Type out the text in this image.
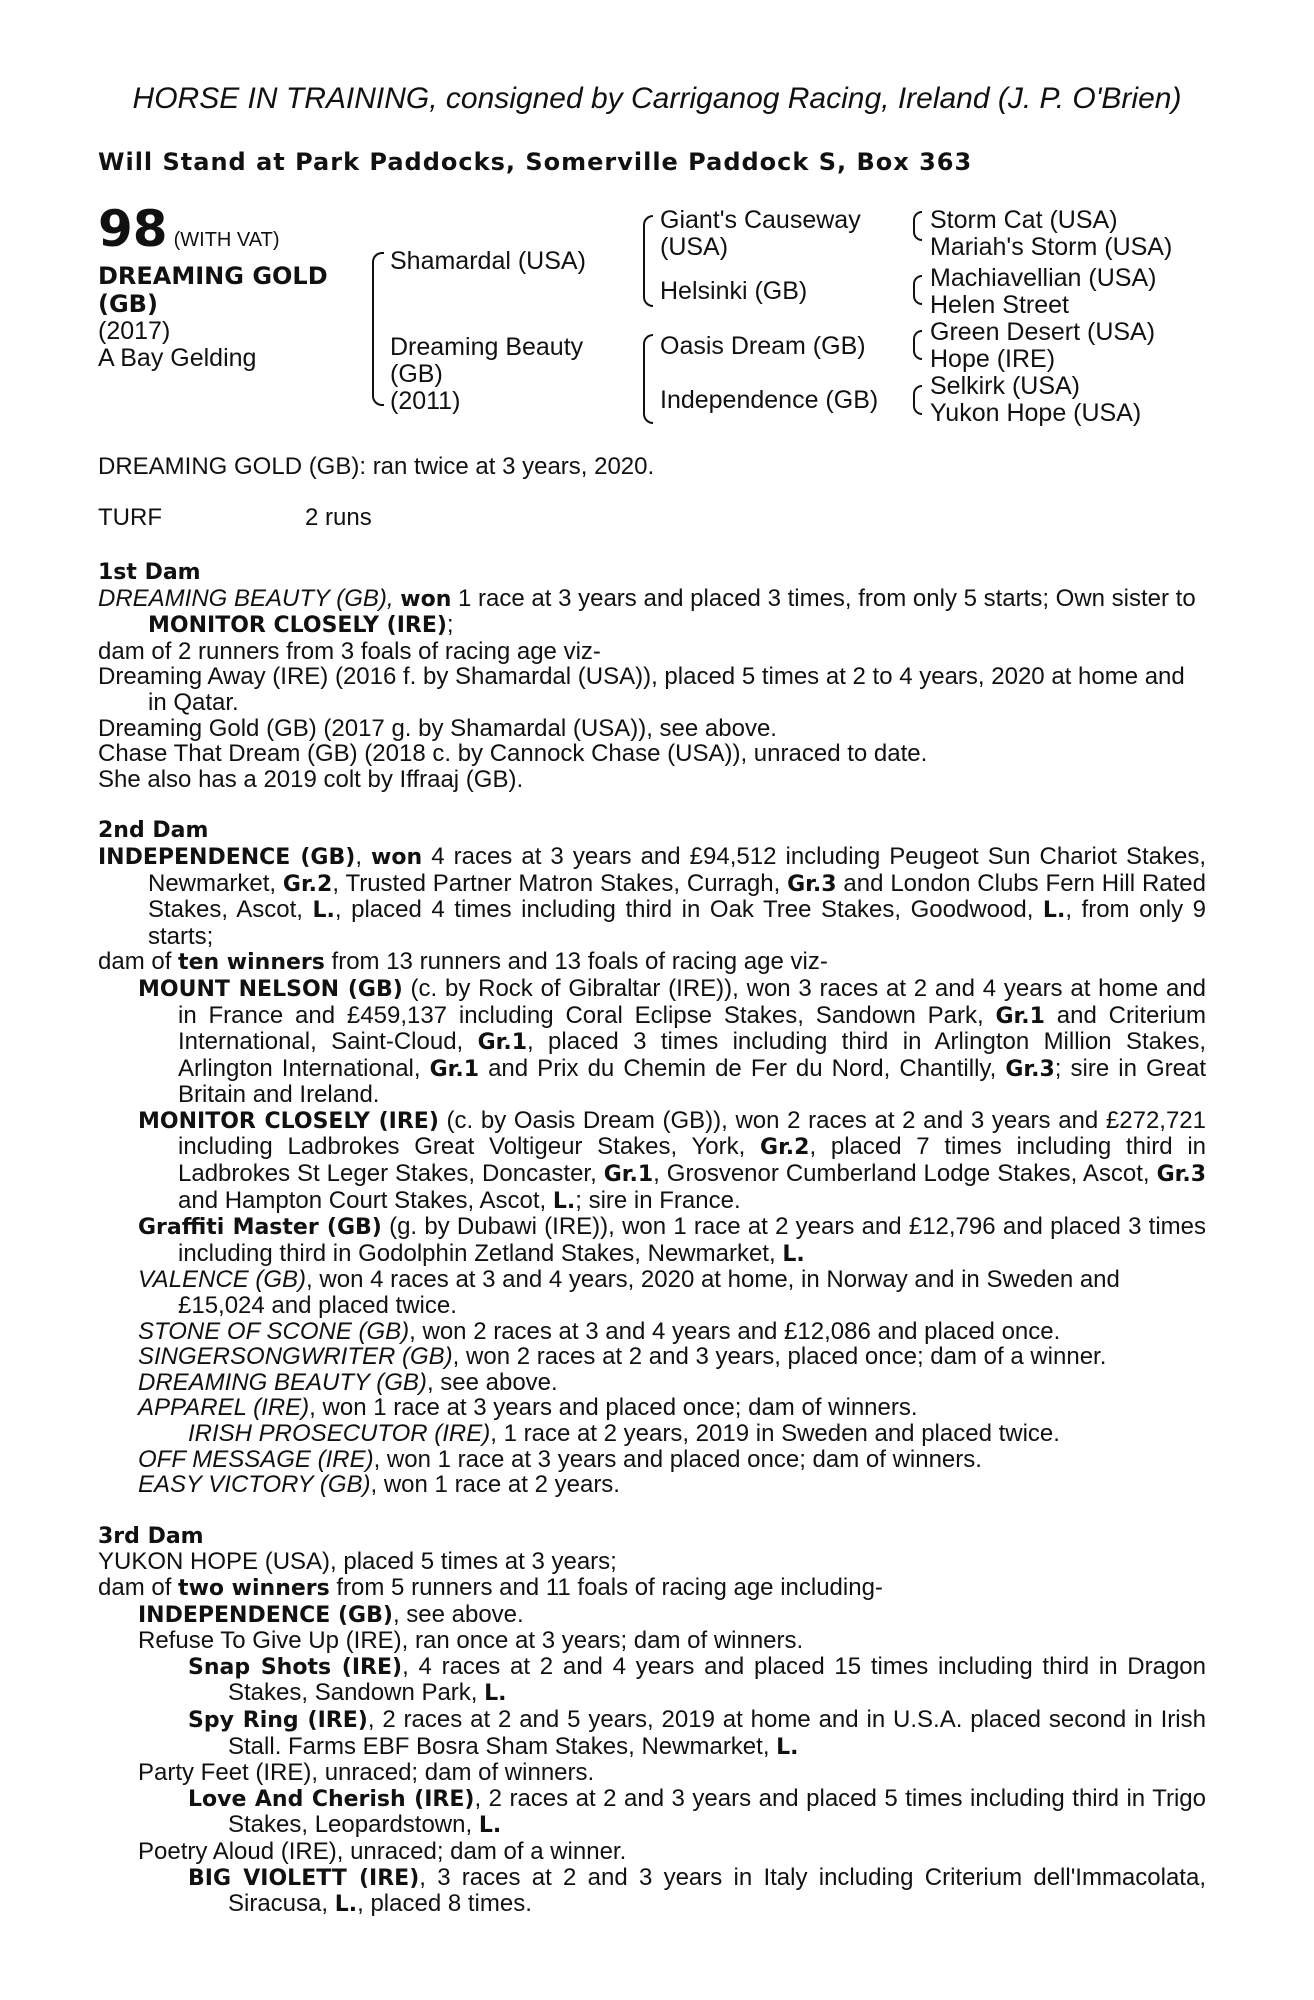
HORSE IN TRAINING, consigned by Carriganog Racing, Ireland (J. P. O'Brien)
Will Stand at Park Paddocks, Somerville Paddock S, Box 363
98 (WITH VAT)
DREAMING GOLD
(GB)
(2017)
A Bay Gelding
Shamardal (USA)
Dreaming Beauty
(GB)
(2011)
Giant's Causeway
(USA)
Helsinki (GB)
Oasis Dream (GB)
Independence (GB)
Storm Cat (USA)
Mariah's Storm (USA)
Machiavellian (USA)
Helen Street
Green Desert (USA)
Hope (IRE)
Selkirk (USA)
Yukon Hope (USA)
DREAMING GOLD (GB): ran twice at 3 years, 2020.
TURF	2 runs

1st Dam

DREAMING BEAUTY (GB), won 1 race at 3 years and placed 3 times, from only 5 starts; Own sister to MONITOR CLOSELY (IRE);

dam of 2 runners from 3 foals of racing age viz-

Dreaming Away (IRE) (2016 f. by Shamardal (USA)), placed 5 times at 2 to 4 years, 2020 at home and in Qatar.

Dreaming Gold (GB) (2017 g. by Shamardal (USA)), see above.

Chase That Dream (GB) (2018 c. by Cannock Chase (USA)), unraced to date.

She also has a 2019 colt by Iffraaj (GB).

2nd Dam

INDEPENDENCE (GB), won 4 races at 3 years and £94,512 including Peugeot Sun Chariot Stakes, Newmarket, Gr.2, Trusted Partner Matron Stakes, Curragh, Gr.3 and London Clubs Fern Hill Rated Stakes, Ascot, L., placed 4 times including third in Oak Tree Stakes, Goodwood, L., from only 9 starts;

dam of ten winners from 13 runners and 13 foals of racing age viz-

MOUNT NELSON (GB) (c. by Rock of Gibraltar (IRE)), won 3 races at 2 and 4 years at home and in France and £459,137 including Coral Eclipse Stakes, Sandown Park, Gr.1 and Criterium International, Saint-Cloud, Gr.1, placed 3 times including third in Arlington Million Stakes, Arlington International, Gr.1 and Prix du Chemin de Fer du Nord, Chantilly, Gr.3; sire in Great Britain and Ireland.

MONITOR CLOSELY (IRE) (c. by Oasis Dream (GB)), won 2 races at 2 and 3 years and £272,721 including Ladbrokes Great Voltigeur Stakes, York, Gr.2, placed 7 times including third in Ladbrokes St Leger Stakes, Doncaster, Gr.1, Grosvenor Cumberland Lodge Stakes, Ascot, Gr.3 and Hampton Court Stakes, Ascot, L.; sire in France.

Graffiti Master (GB) (g. by Dubawi (IRE)), won 1 race at 2 years and £12,796 and placed 3 times including third in Godolphin Zetland Stakes, Newmarket, L.

VALENCE (GB), won 4 races at 3 and 4 years, 2020 at home, in Norway and in Sweden and £15,024 and placed twice.

STONE OF SCONE (GB), won 2 races at 3 and 4 years and £12,086 and placed once.

SINGERSONGWRITER (GB), won 2 races at 2 and 3 years, placed once; dam of a winner.

DREAMING BEAUTY (GB), see above.

APPAREL (IRE), won 1 race at 3 years and placed once; dam of winners.

IRISH PROSECUTOR (IRE), 1 race at 2 years, 2019 in Sweden and placed twice.

OFF MESSAGE (IRE), won 1 race at 3 years and placed once; dam of winners.

EASY VICTORY (GB), won 1 race at 2 years.

3rd Dam

YUKON HOPE (USA), placed 5 times at 3 years;

dam of two winners from 5 runners and 11 foals of racing age including-

INDEPENDENCE (GB), see above.

Refuse To Give Up (IRE), ran once at 3 years; dam of winners.

Snap Shots (IRE), 4 races at 2 and 4 years and placed 15 times including third in Dragon Stakes, Sandown Park, L.

Spy Ring (IRE), 2 races at 2 and 5 years, 2019 at home and in U.S.A. placed second in Irish Stall. Farms EBF Bosra Sham Stakes, Newmarket, L.

Party Feet (IRE), unraced; dam of winners.

Love And Cherish (IRE), 2 races at 2 and 3 years and placed 5 times including third in Trigo Stakes, Leopardstown, L.

Poetry Aloud (IRE), unraced; dam of a winner.

BIG VIOLETT (IRE), 3 races at 2 and 3 years in Italy including Criterium dell'Immacolata, Siracusa, L., placed 8 times.
